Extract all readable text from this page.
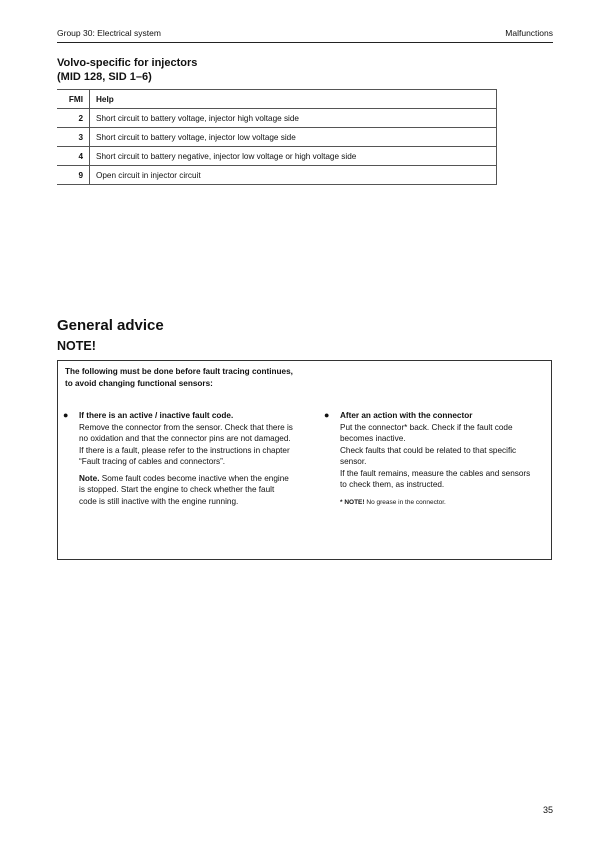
Group 30: Electrical system	Malfunctions
Volvo-specific for injectors
(MID 128, SID 1–6)
FMI	Help
2	Short circuit to battery voltage, injector high voltage side
3	Short circuit to battery voltage, injector low voltage side
4	Short circuit to battery negative, injector low voltage or high voltage side
9	Open circuit in injector circuit
General advice
NOTE!
The following must be done before fault tracing continues, to avoid changing functional sensors:
● If there is an active / inactive fault code.
Remove the connector from the sensor. Check that there is no oxidation and that the connector pins are not damaged.
If there is a fault, please refer to the instructions in chapter “Fault tracing of cables and connectors”.
Note. Some fault codes become inactive when the engine is stopped. Start the engine to check whether the fault code is still inactive with the engine running.
● After an action with the connector
Put the connector* back. Check if the fault code becomes inactive.
Check faults that could be related to that specific sensor.
If the fault remains, measure the cables and sensors to check them, as instructed.
* NOTE! No grease in the connector.
35
